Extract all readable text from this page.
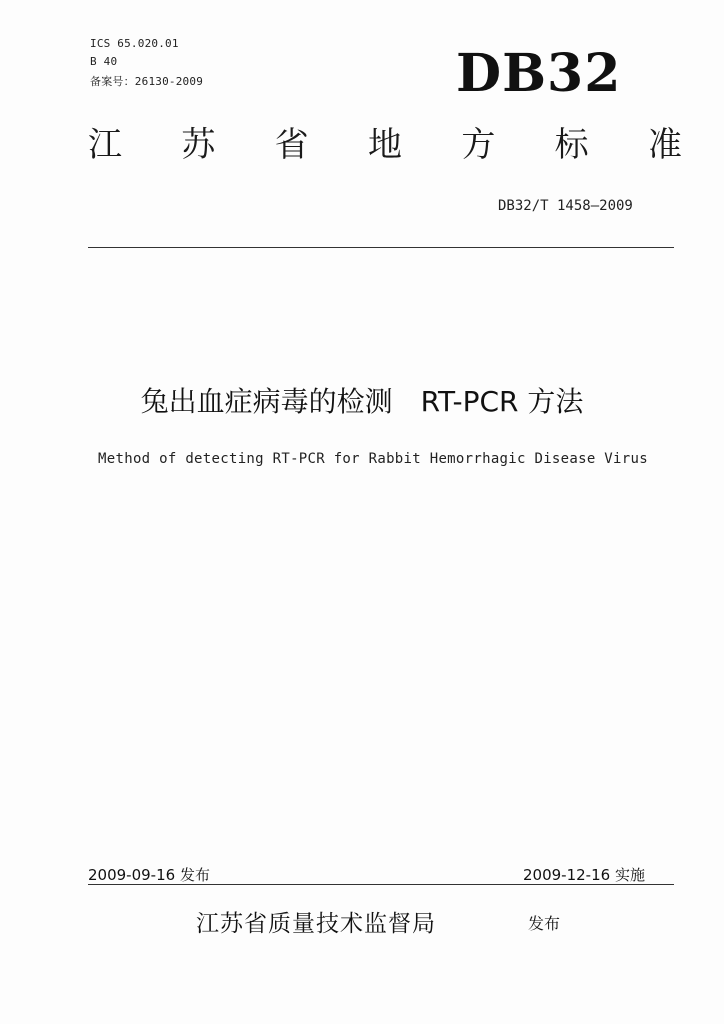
ICS 65.020.01
B 40
备案号：26130-2009	DB32
江 苏 省 地 方 标 准
DB32/T 1458—2009
兔出血症病毒的检测　RT-PCR 方法
Method of detecting RT-PCR for Rabbit Hemorrhagic Disease Virus
2009-09-16 发布	2009-12-16 实施
江苏省质量技术监督局	发布
